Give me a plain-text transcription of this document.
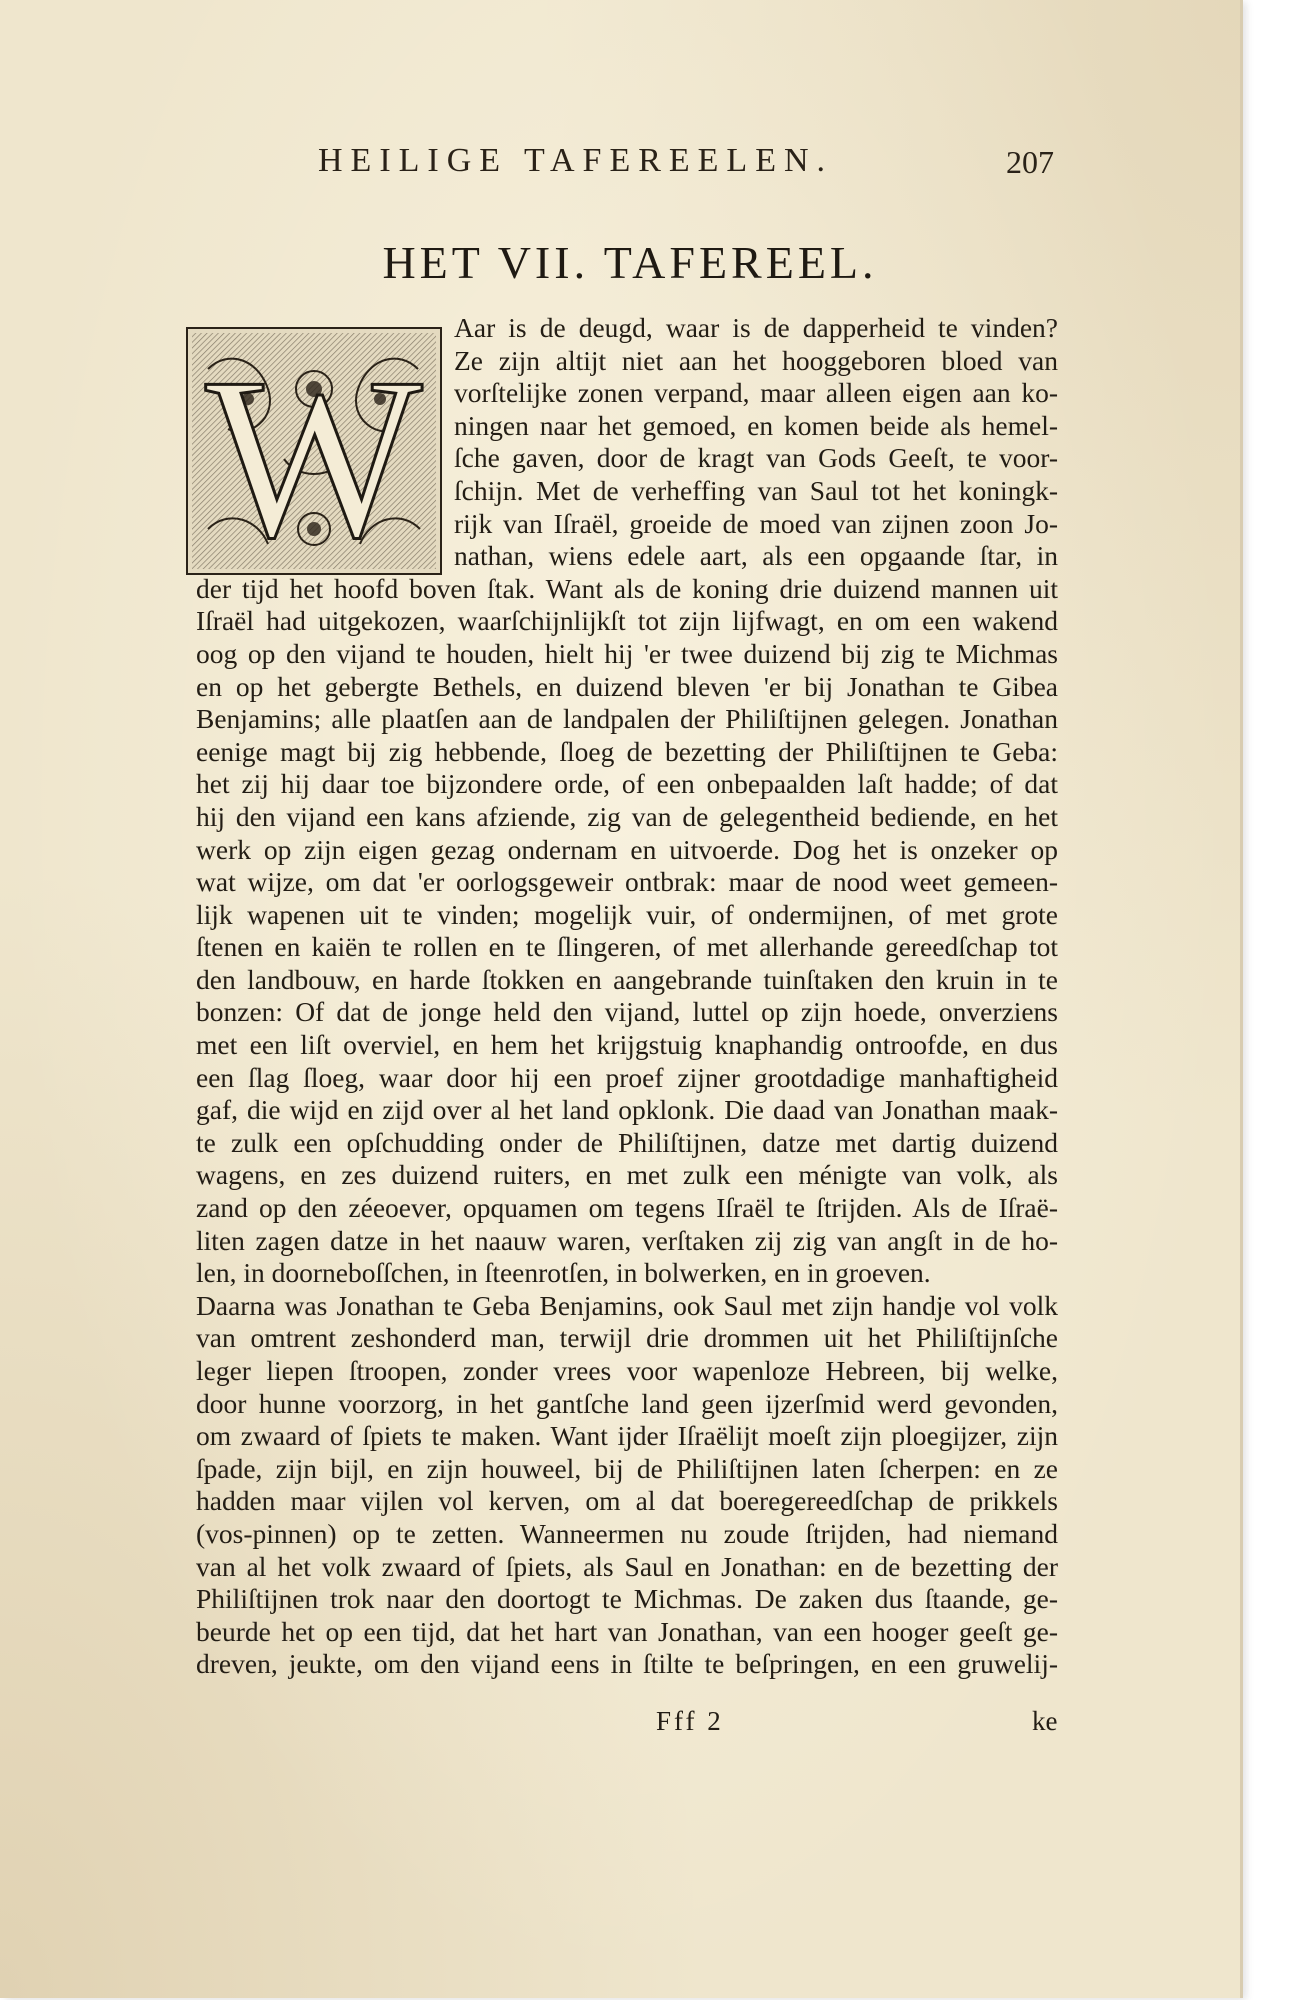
HEILIGE TAFEREELEN.	207
HET VII. TAFEREEL.
W
Aar is de deugd, waar is de dapperheid te vinden?
Ze zijn altijt niet aan het hooggeboren bloed van
vorſtelijke zonen verpand, maar alleen eigen aan ko-
ningen naar het gemoed, en komen beide als hemel-
ſche gaven, door de kragt van Gods Geeſt, te voor-
ſchijn. Met de verheffing van Saul tot het koningk-
rijk van Iſraël, groeide de moed van zijnen zoon Jo-
nathan, wiens edele aart, als een opgaande ſtar, in
der tijd het hoofd boven ſtak. Want als de koning drie duizend mannen uit
Iſraël had uitgekozen, waarſchijnlijkſt tot zijn lijfwagt, en om een wakend
oog op den vijand te houden, hielt hij 'er twee duizend bij zig te Michmas
en op het gebergte Bethels, en duizend bleven 'er bij Jonathan te Gibea
Benjamins; alle plaatſen aan de landpalen der Philiſtijnen gelegen. Jonathan
eenige magt bij zig hebbende, ſloeg de bezetting der Philiſtijnen te Geba:
het zij hij daar toe bijzondere orde, of een onbepaalden laſt hadde; of dat
hij den vijand een kans afziende, zig van de gelegentheid bediende, en het
werk op zijn eigen gezag ondernam en uitvoerde. Dog het is onzeker op
wat wijze, om dat 'er oorlogsgeweir ontbrak: maar de nood weet gemeen-
lijk wapenen uit te vinden; mogelijk vuir, of ondermijnen, of met grote
ſtenen en kaiën te rollen en te ſlingeren, of met allerhande gereedſchap tot
den landbouw, en harde ſtokken en aangebrande tuinſtaken den kruin in te
bonzen: Of dat de jonge held den vijand, luttel op zijn hoede, onverziens
met een liſt overviel, en hem het krijgstuig knaphandig ontroofde, en dus
een ſlag ſloeg, waar door hij een proef zijner grootdadige manhaftigheid
gaf, die wijd en zijd over al het land opklonk. Die daad van Jonathan maak-
te zulk een opſchudding onder de Philiſtijnen, datze met dartig duizend
wagens, en zes duizend ruiters, en met zulk een ménigte van volk, als
zand op den zéeoever, opquamen om tegens Iſraël te ſtrijden. Als de Iſraë-
liten zagen datze in het naauw waren, verſtaken zij zig van angſt in de ho-
len, in doorneboſſchen, in ſteenrotſen, in bolwerken, en in groeven.
Daarna was Jonathan te Geba Benjamins, ook Saul met zijn handje vol volk
van omtrent zeshonderd man, terwijl drie drommen uit het Philiſtijnſche
leger liepen ſtroopen, zonder vrees voor wapenloze Hebreen, bij welke,
door hunne voorzorg, in het gantſche land geen ijzerſmid werd gevonden,
om zwaard of ſpiets te maken. Want ijder Iſraëlijt moeſt zijn ploegijzer, zijn
ſpade, zijn bijl, en zijn houweel, bij de Philiſtijnen laten ſcherpen: en ze
hadden maar vijlen vol kerven, om al dat boeregereedſchap de prikkels
(vos-pinnen) op te zetten. Wanneermen nu zoude ſtrijden, had niemand
van al het volk zwaard of ſpiets, als Saul en Jonathan: en de bezetting der
Philiſtijnen trok naar den doortogt te Michmas. De zaken dus ſtaande, ge-
beurde het op een tijd, dat het hart van Jonathan, van een hooger geeſt ge-
dreven, jeukte, om den vijand eens in ſtilte te beſpringen, en een gruwelij-
Fff 2	ke
